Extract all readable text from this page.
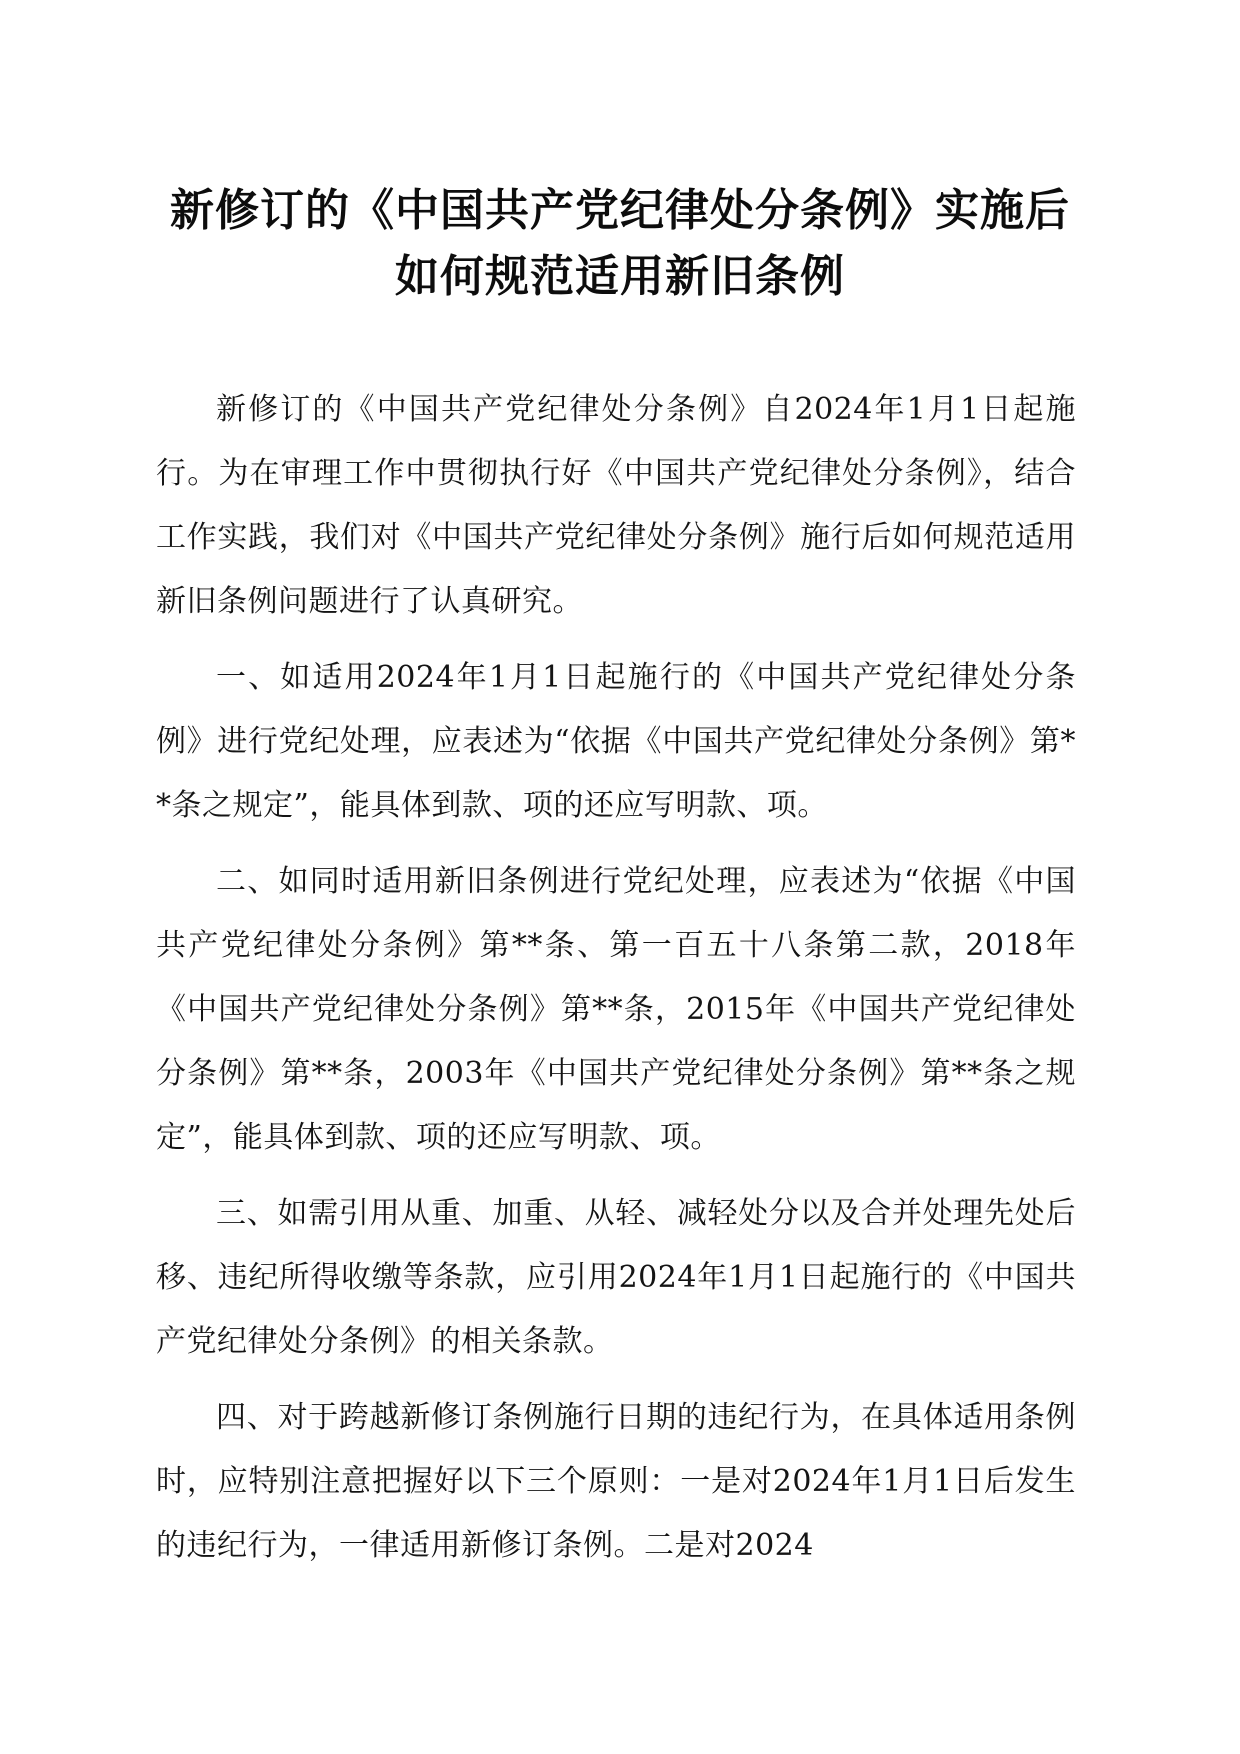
新修订的《中国共产党纪律处分条例》实施后
如何规范适用新旧条例

新修订的《中国共产党纪律处分条例》自2024年1月1日起施行。为在审理工作中贯彻执行好《中国共产党纪律处分条例》，结合工作实践，我们对《中国共产党纪律处分条例》施行后如何规范适用新旧条例问题进行了认真研究。

一、如适用2024年1月1日起施行的《中国共产党纪律处分条例》进行党纪处理，应表述为“依据《中国共产党纪律处分条例》第**条之规定”，能具体到款、项的还应写明款、项。

二、如同时适用新旧条例进行党纪处理，应表述为“依据《中国共产党纪律处分条例》第**条、第一百五十八条第二款，2018年《中国共产党纪律处分条例》第**条，2015年《中国共产党纪律处分条例》第**条，2003年《中国共产党纪律处分条例》第**条之规定”，能具体到款、项的还应写明款、项。

三、如需引用从重、加重、从轻、减轻处分以及合并处理先处后移、违纪所得收缴等条款，应引用2024年1月1日起施行的《中国共产党纪律处分条例》的相关条款。

四、对于跨越新修订条例施行日期的违纪行为，在具体适用条例时，应特别注意把握好以下三个原则：一是对2024年1月1日后发生的违纪行为，一律适用新修订条例。二是对2024
